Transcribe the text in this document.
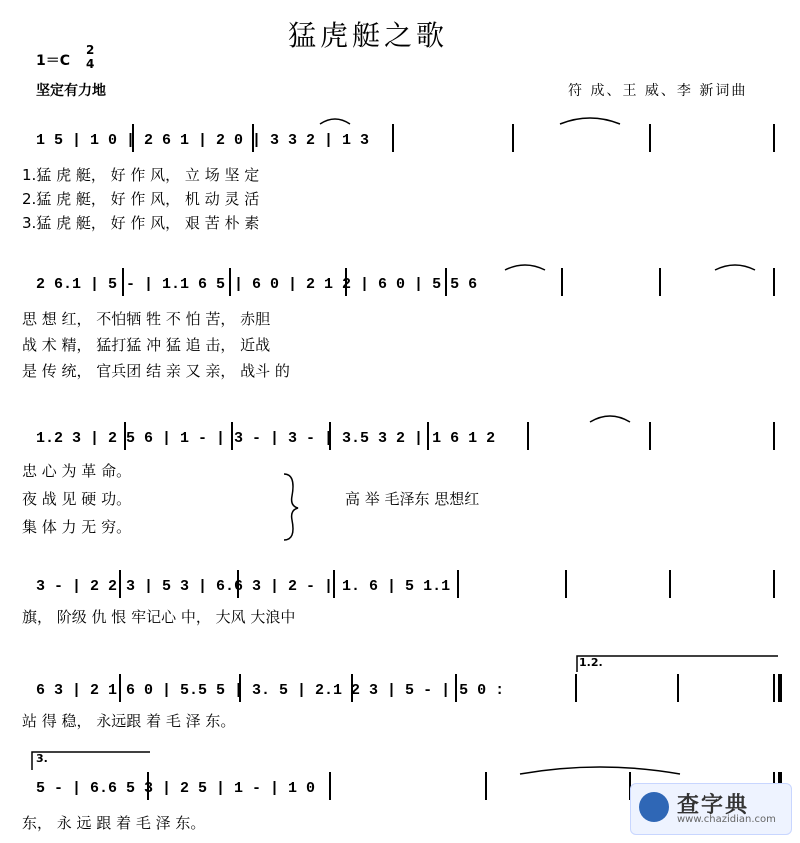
猛虎艇之歌
1＝C
2
4
坚定有力地	符 成、王 威、李 新词曲
1 5 | 1 0 | 2 6 1 | 2 0 | 3 3 2 | 1 3
1.猛 虎 艇， 好 作 风， 立 场 坚 定
2.猛 虎 艇， 好 作 风， 机 动 灵 活
3.猛 虎 艇， 好 作 风， 艰 苦 朴 素
2 6.1 | 5 - | 1.1 6 5 | 6 0 | 2 1 2 | 6 0 | 5 5 6
思 想 红， 不怕牺 牲 不 怕 苦， 赤胆
战 术 精， 猛打猛 冲 猛 追 击， 近战
是 传 统， 官兵团 结 亲 又 亲， 战斗 的
1.2 3 | 2 5 6 | 1 - | 3 - | 3 - | 3.5 3 2 | 1 6 1 2
忠 心 为 革 命。
夜 战 见 硬 功。
集 体 力 无 穷。
高 举 毛泽东 思想红
3 - | 2 2 3 | 5 3 | 6.6 3 | 2 - | 1. 6 | 5 1.1
旗， 阶级 仇 恨 牢记心 中， 大风 大浪中
6 3 | 2 1 6 0 | 5.5 5 | 3. 5 | 2.1 2 3 | 5 - | 5 0 :
站 得 稳， 永远跟 着 毛 泽 东。
1.2.
5 - | 6.6 5 3 | 2 5 | 1 - | 1 0
东， 永 远 跟 着 毛 泽 东。
3.
查字典
www.chazidian.com
